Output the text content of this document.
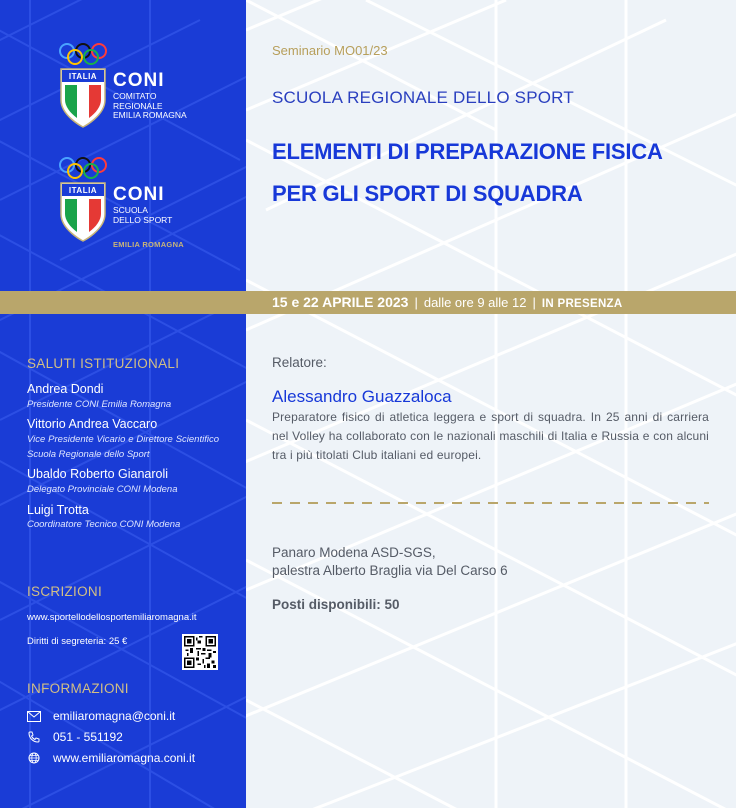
ITALIA CONI
COMITATO
REGIONALE
EMILIA ROMAGNA
ITALIA CONI
SCUOLA
DELLO SPORT
EMILIA ROMAGNA
SALUTI ISTITUZIONALI
Andrea Dondi
Presidente CONI Emilia Romagna
Vittorio Andrea Vaccaro
Vice Presidente Vicario e Direttore Scientifico Scuola Regionale dello Sport
Ubaldo Roberto Gianaroli
Delegato Provinciale CONI Modena
Luigi Trotta
Coordinatore Tecnico CONI Modena
ISCRIZIONI
www.sportellodellosportemiliaromagna.it
Diritti di segreteria: 25 €
INFORMAZIONI
emiliaromagna@coni.it
051 - 551192
www.emiliaromagna.coni.it
Seminario MO01/23
SCUOLA REGIONALE DELLO SPORT
ELEMENTI DI PREPARAZIONE FISICA
PER GLI SPORT DI SQUADRA
15 e 22 APRILE 2023 | dalle ore 9 alle 12 | IN PRESENZA
Relatore:
Alessandro Guazzaloca
Preparatore fisico di atletica leggera e sport di squadra. In 25 anni di carriera nel Volley ha collaborato con le nazionali maschili di Italia e Russia e con alcuni tra i più titolati Club italiani ed europei.
Panaro Modena ASD-SGS,
palestra Alberto Braglia via Del Carso 6
Posti disponibili: 50
